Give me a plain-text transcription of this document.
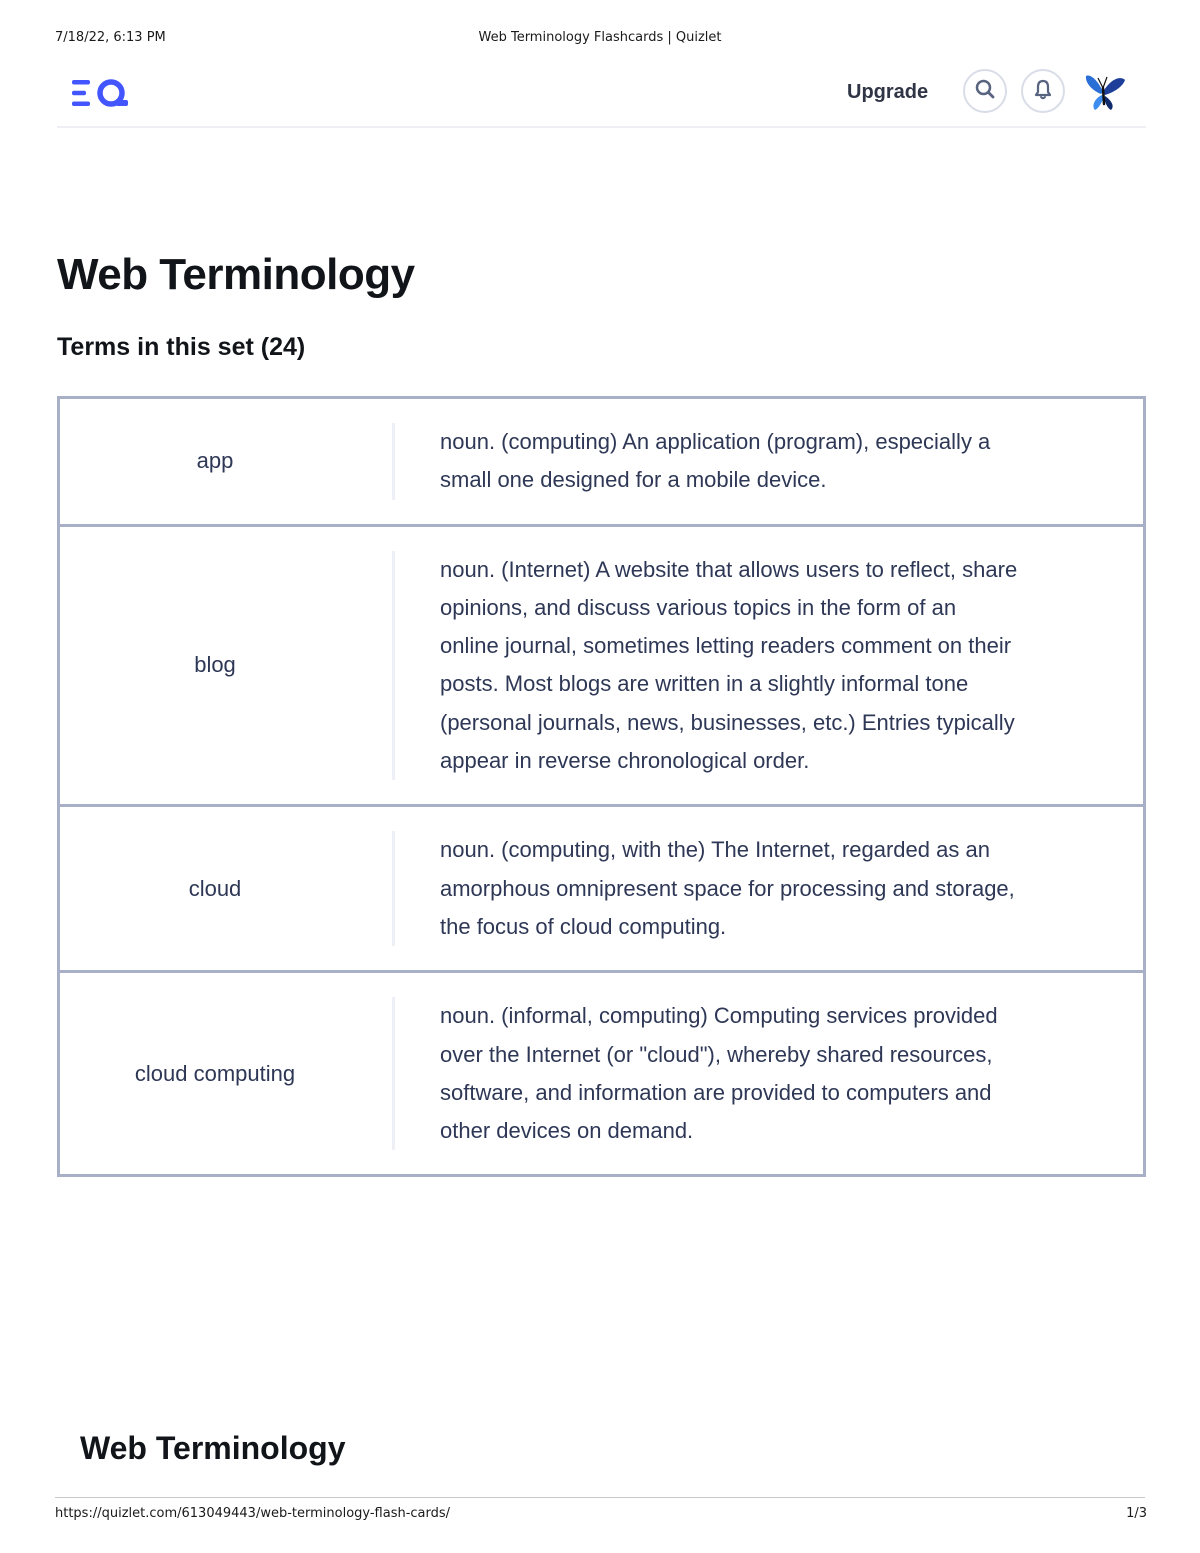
7/18/22, 6:13 PM	Web Terminology Flashcards | Quizlet
Upgrade
Web Terminology
Terms in this set ( 24 )
app
noun. (computing) An application (program), especially a small one designed for a mobile device.
blog
noun. (Internet) A website that allows users to reflect, share opinions, and discuss various topics in the form of an online journal, sometimes letting readers comment on their posts. Most blogs are written in a slightly informal tone (personal journals, news, businesses, etc.) Entries typically appear in reverse chronological order.
cloud
noun. (computing, with the) The Internet, regarded as an amorphous omnipresent space for processing and storage, the focus of cloud computing.
cloud computing
noun. (informal, computing) Computing services provided over the Internet (or "cloud"), whereby shared resources, software, and information are provided to computers and other devices on demand.
Web Terminology
https://quizlet.com/613049443/web-terminology-flash-cards/	1/3
